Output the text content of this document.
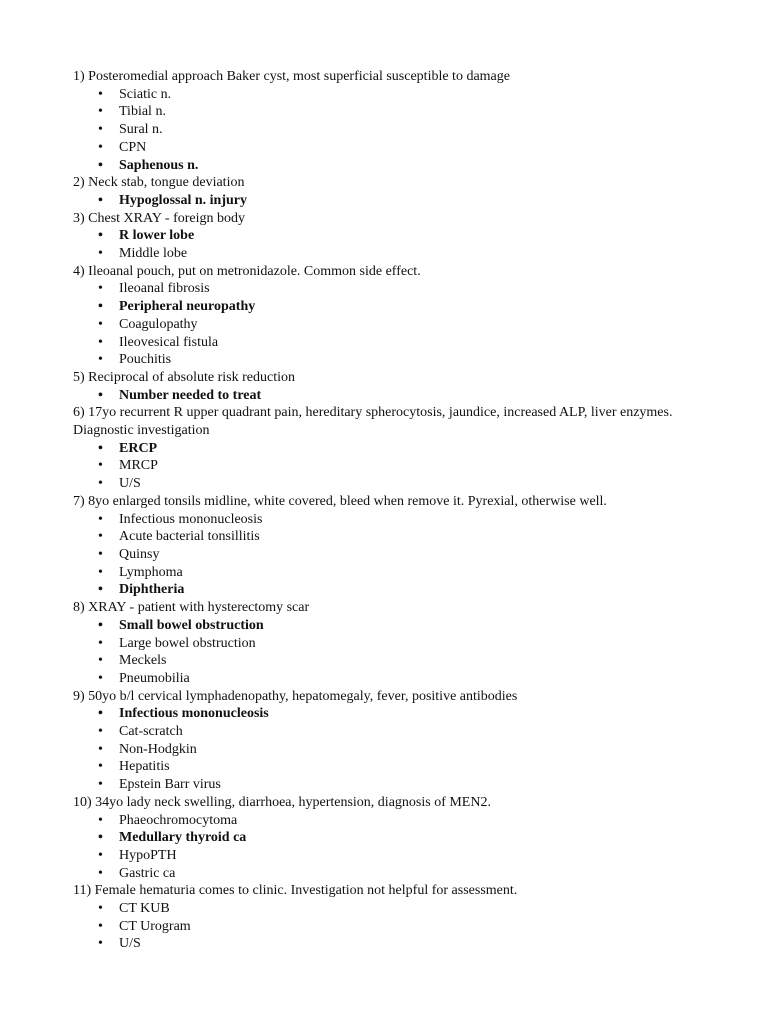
1) Posteromedial approach Baker cyst, most superficial susceptible to damage

• Sciatic n.
• Tibial n.
• Sural n.
• CPN
• Saphenous n.

2) Neck stab, tongue deviation

• Hypoglossal n. injury

3) Chest XRAY - foreign body

• R lower lobe
• Middle lobe

4) Ileoanal pouch, put on metronidazole. Common side effect.

• Ileoanal fibrosis
• Peripheral neuropathy
• Coagulopathy
• Ileovesical fistula
• Pouchitis

5) Reciprocal of absolute risk reduction

• Number needed to treat

6) 17yo recurrent R upper quadrant pain, hereditary spherocytosis, jaundice, increased ALP, liver enzymes. Diagnostic investigation

• ERCP
• MRCP
• U/S

7) 8yo enlarged tonsils midline, white covered, bleed when remove it. Pyrexial, otherwise well.

• Infectious mononucleosis
• Acute bacterial tonsillitis
• Quinsy
• Lymphoma
• Diphtheria

8) XRAY - patient with hysterectomy scar

• Small bowel obstruction
• Large bowel obstruction
• Meckels
• Pneumobilia

9) 50yo b/l cervical lymphadenopathy, hepatomegaly, fever, positive antibodies

• Infectious mononucleosis
• Cat-scratch
• Non-Hodgkin
• Hepatitis
• Epstein Barr virus

10) 34yo lady neck swelling, diarrhoea, hypertension, diagnosis of MEN2.

• Phaeochromocytoma
• Medullary thyroid ca
• HypoPTH
• Gastric ca

11) Female hematuria comes to clinic. Investigation not helpful for assessment.

• CT KUB
• CT Urogram
• U/S
